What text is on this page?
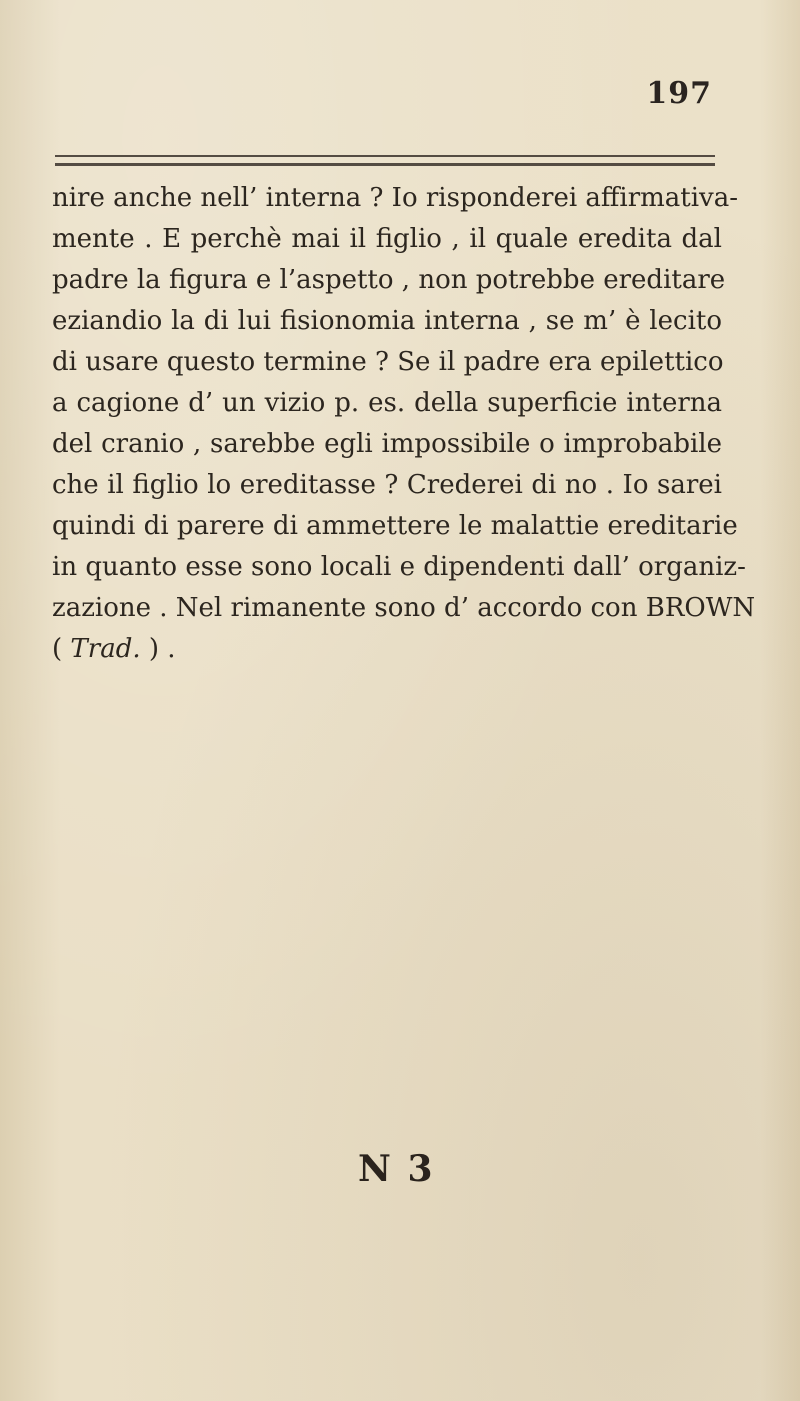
197
nire anche nell’ interna ? Io risponderei affirmativa-
mente . E perchè mai il figlio , il quale eredita dal
padre la figura e l’aspetto , non potrebbe ereditare
eziandio la di lui fisionomia interna , se m’ è lecito
di usare questo termine ? Se il padre era epilettico
a cagione d’ un vizio p. es. della superficie interna
del cranio , sarebbe egli impossibile o improbabile
che il figlio lo ereditasse ? Crederei di no . Io sarei
quindi di parere di ammettere le malattie ereditarie
in quanto esse sono locali e dipendenti dall’ organiz-
zazione . Nel rimanente sono d’ accordo con BROWN
( Trad. ) .
N 3
